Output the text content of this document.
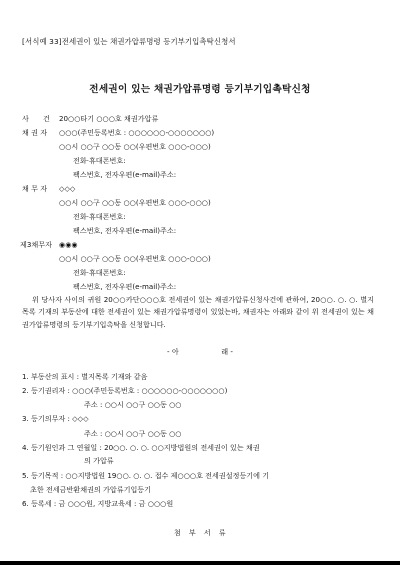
[서식예 33]전세권이 있는 채권가압류명령 등기부기입촉탁신청서
전세권이 있는 채권가압류명령 등기부기입촉탁신청
사　　건 20○○타기 ○○○호 채권가압류
채 권 자 ○○○(주민등록번호 : ○○○○○○-○○○○○○○)
○○시 ○○구 ○○동 ○○(우편번호 ○○○-○○○)
전화·휴대폰번호:
팩스번호, 전자우편(e-mail)주소:
채 무 자 ◇◇◇
○○시 ○○구 ○○동 ○○(우편번호 ○○○-○○○)
전화·휴대폰번호:
팩스번호, 전자우편(e-mail)주소:
제3채무자 ◉◉◉
○○시 ○○구 ○○동 ○○(우편번호 ○○○-○○○)
전화·휴대폰번호:
팩스번호, 전자우편(e-mail)주소:
위 당사자 사이의 귀원 20○○카단○○○호 전세권이 있는 채권가압류신청사건에 관하여, 20○○. ○. ○. 별지목록 기재의 부동산에 대한 전세권이 있는 채권가압류명령이 있었는바, 채권자는 아래와 같이 위 전세권이 있는 채권가압류명령의 등기부기입촉탁을 신청합니다.
- 아　　　　　　래 -
1. 부동산의 표시 : 별지목록 기재와 같음
2. 등기권리자 : ○○○(주민등록번호 : ○○○○○○-○○○○○○○)
주소 : ○○시 ○○구 ○○동 ○○
3. 등기의무자 : ◇◇◇
주소 : ○○시 ○○구 ○○동 ○○
4. 등기원인과 그 연월일 : 20○○. ○. ○. ○○지방법원의 전세권이 있는 채권
의 가압류
5. 등기목적 : ○○지방법원 19○○. ○. ○. 접수 제○○○호 전세권설정등기에 기
초한 전세금반환채권의 가압류기입등기
6. 등록세 : 금 ○○○원, 지방교육세 : 금 ○○○원
첨　부　서　류
